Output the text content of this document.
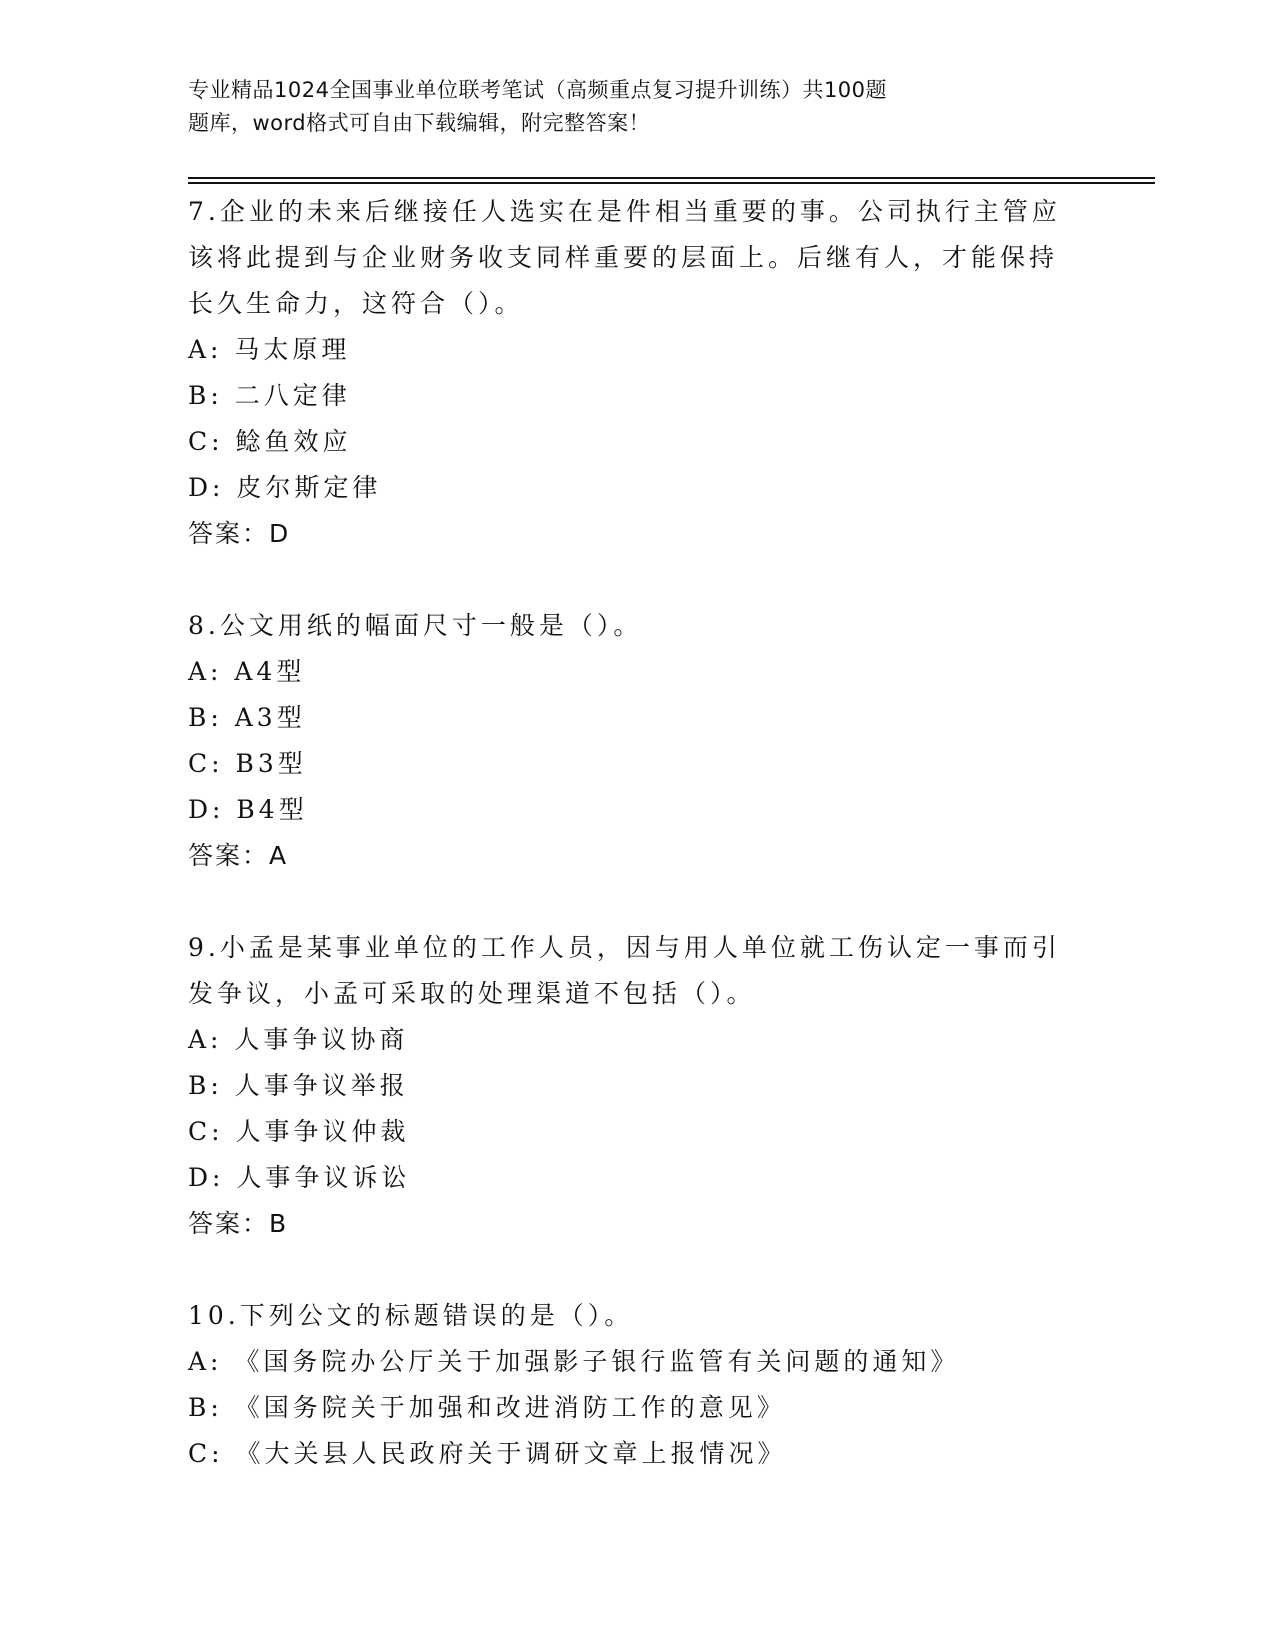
专业精品1024全国事业单位联考笔试（高频重点复习提升训练）共100题
题库，word格式可自由下载编辑，附完整答案！
7.企业的未来后继接任人选实在是件相当重要的事。公司执行主管应
该将此提到与企业财务收支同样重要的层面上。后继有人，才能保持
长久生命力，这符合（）。
A: 马太原理
B: 二八定律
C: 鲶鱼效应
D: 皮尔斯定律
答案：D
8.公文用纸的幅面尺寸一般是（）。
A: A4型
B: A3型
C: B3型
D: B4型
答案：A
9.小孟是某事业单位的工作人员，因与用人单位就工伤认定一事而引
发争议，小孟可采取的处理渠道不包括（）。
A: 人事争议协商
B: 人事争议举报
C: 人事争议仲裁
D: 人事争议诉讼
答案：B
10.下列公文的标题错误的是（）。
A: 《国务院办公厅关于加强影子银行监管有关问题的通知》
B: 《国务院关于加强和改进消防工作的意见》
C: 《大关县人民政府关于调研文章上报情况》
